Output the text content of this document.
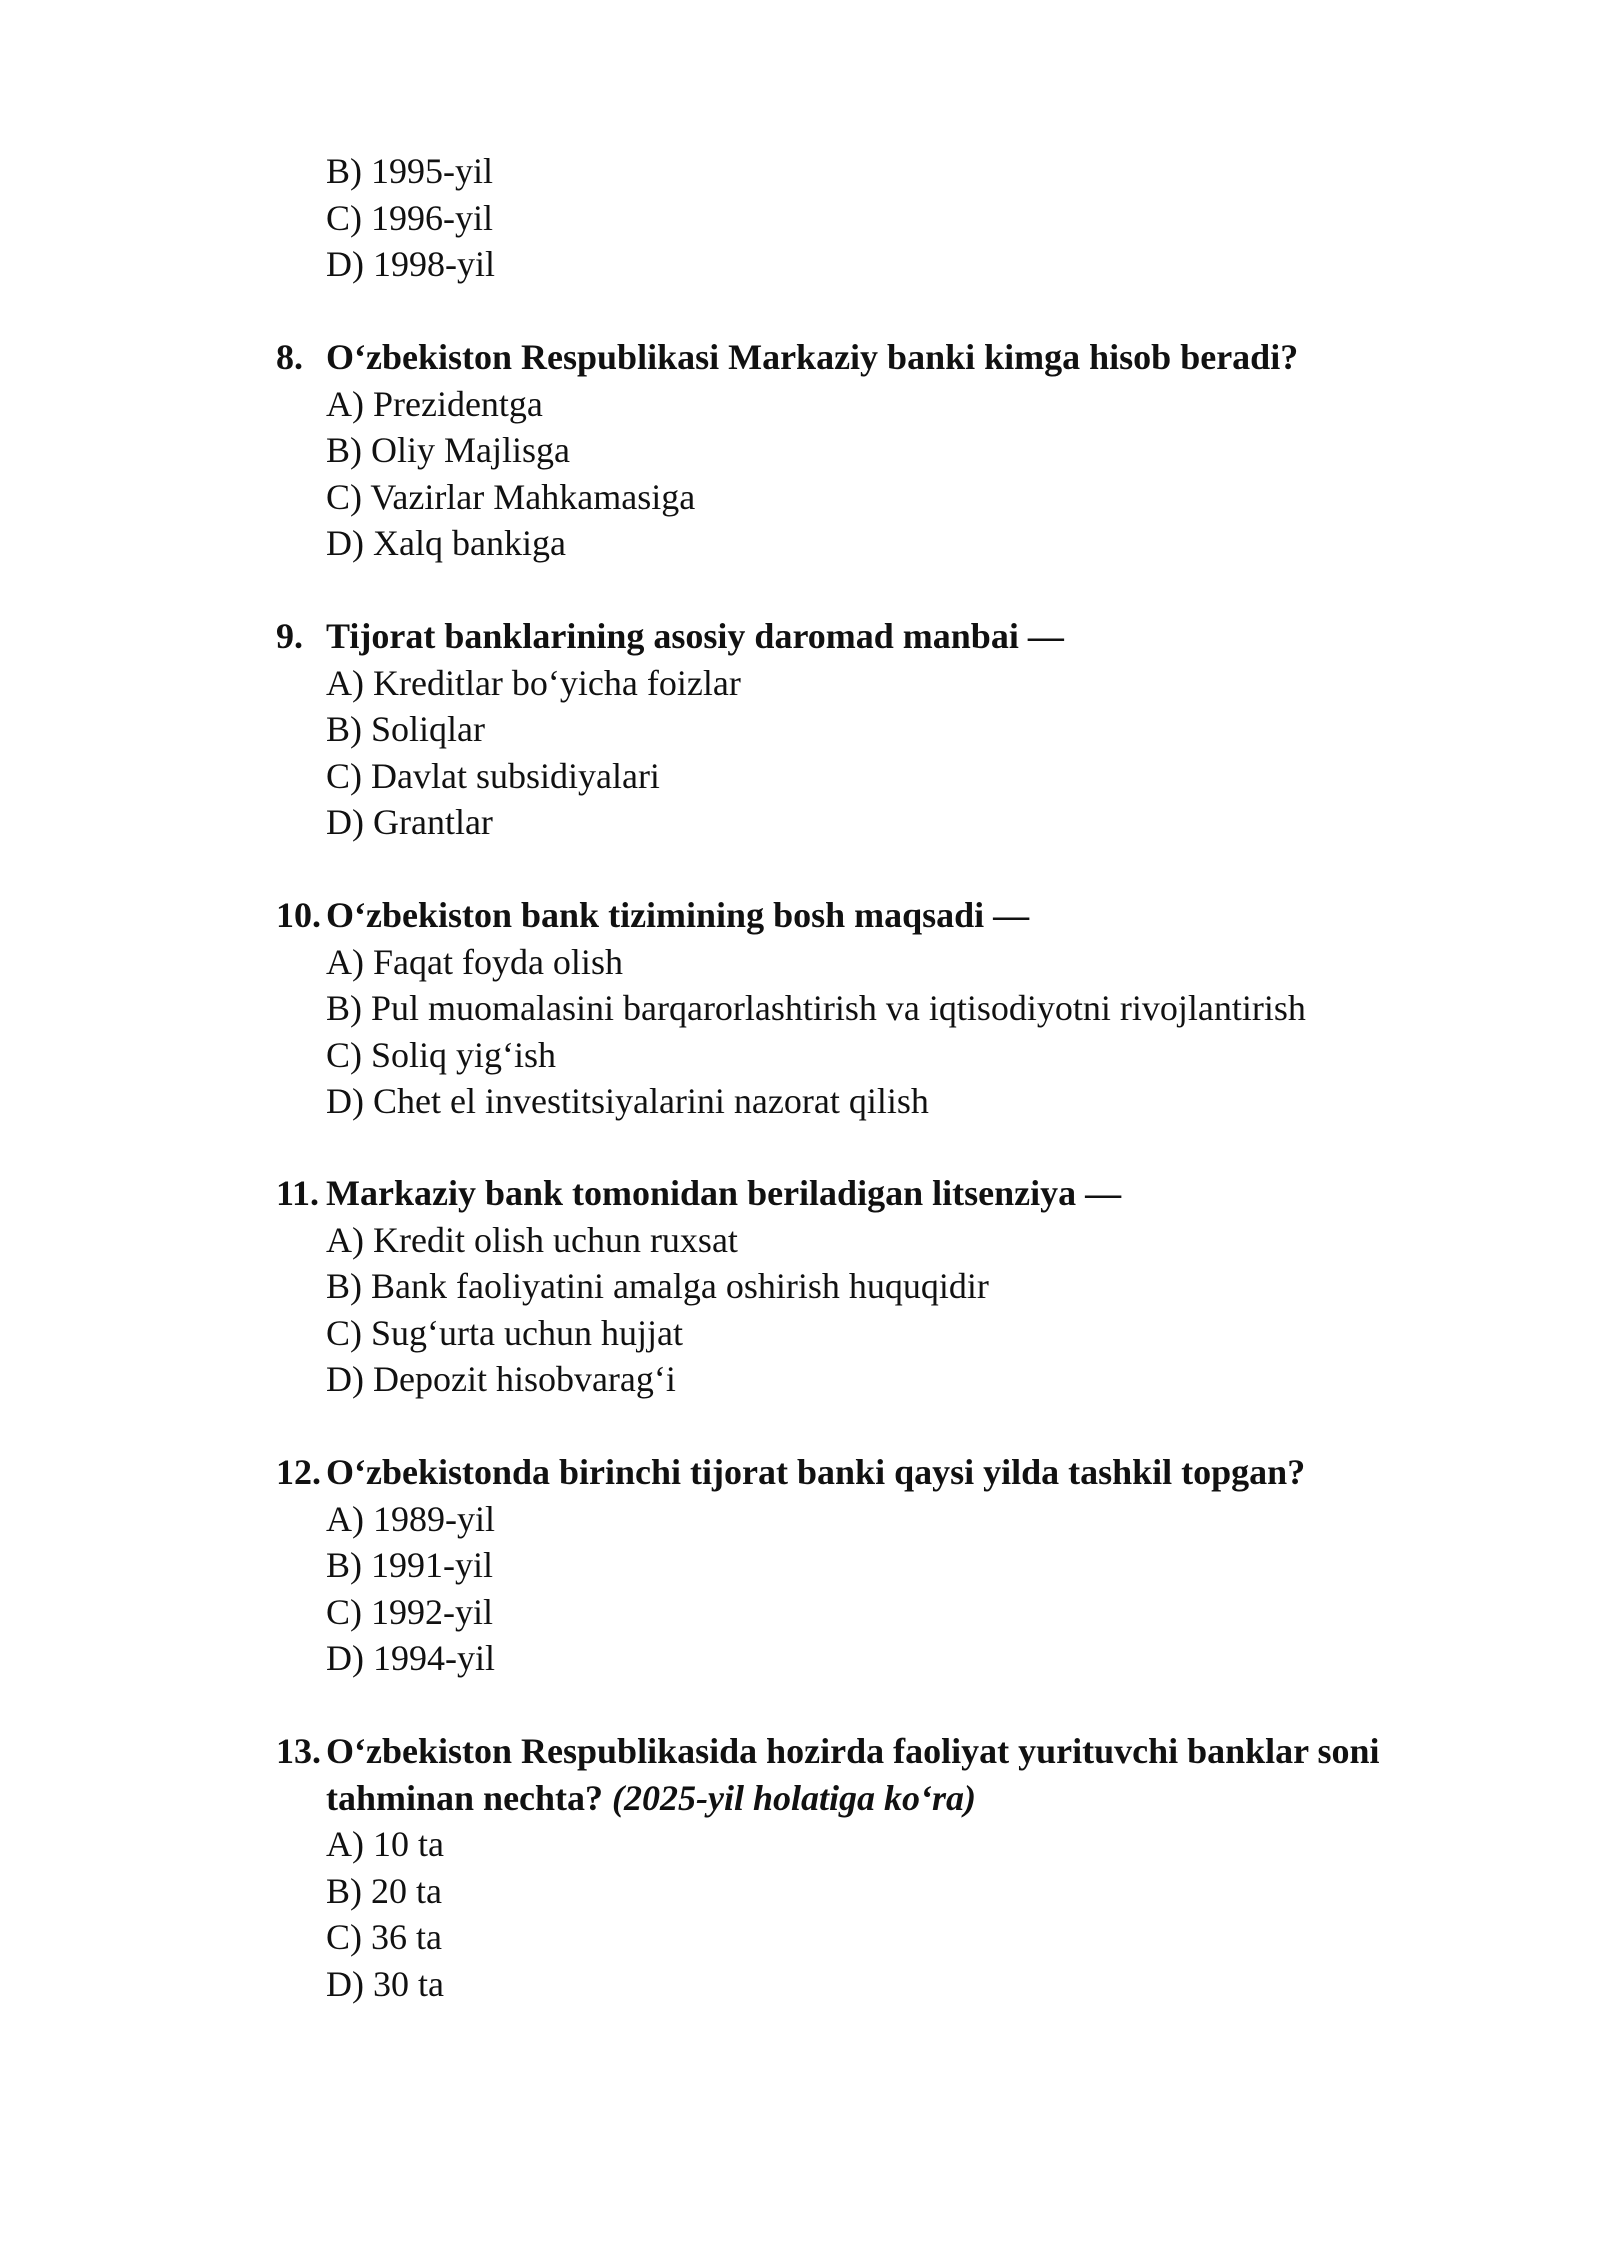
B) 1995-yil
C) 1996-yil
D) 1998-yil
8. O‘zbekiston Respublikasi Markaziy banki kimga hisob beradi?
A) Prezidentga
B) Oliy Majlisga
C) Vazirlar Mahkamasiga
D) Xalq bankiga
9. Tijorat banklarining asosiy daromad manbai —
A) Kreditlar bo‘yicha foizlar
B) Soliqlar
C) Davlat subsidiyalari
D) Grantlar
10. O‘zbekiston bank tizimining bosh maqsadi —
A) Faqat foyda olish
B) Pul muomalasini barqarorlashtirish va iqtisodiyotni rivojlantirish
C) Soliq yig‘ish
D) Chet el investitsiyalarini nazorat qilish
11. Markaziy bank tomonidan beriladigan litsenziya —
A) Kredit olish uchun ruxsat
B) Bank faoliyatini amalga oshirish huquqidir
C) Sug‘urta uchun hujjat
D) Depozit hisobvarag‘i
12. O‘zbekistonda birinchi tijorat banki qaysi yilda tashkil topgan?
A) 1989-yil
B) 1991-yil
C) 1992-yil
D) 1994-yil
13. O‘zbekiston Respublikasida hozirda faoliyat yurituvchi banklar soni tahminan nechta? (2025-yil holatiga ko‘ra)
A) 10 ta
B) 20 ta
C) 36 ta
D) 30 ta
